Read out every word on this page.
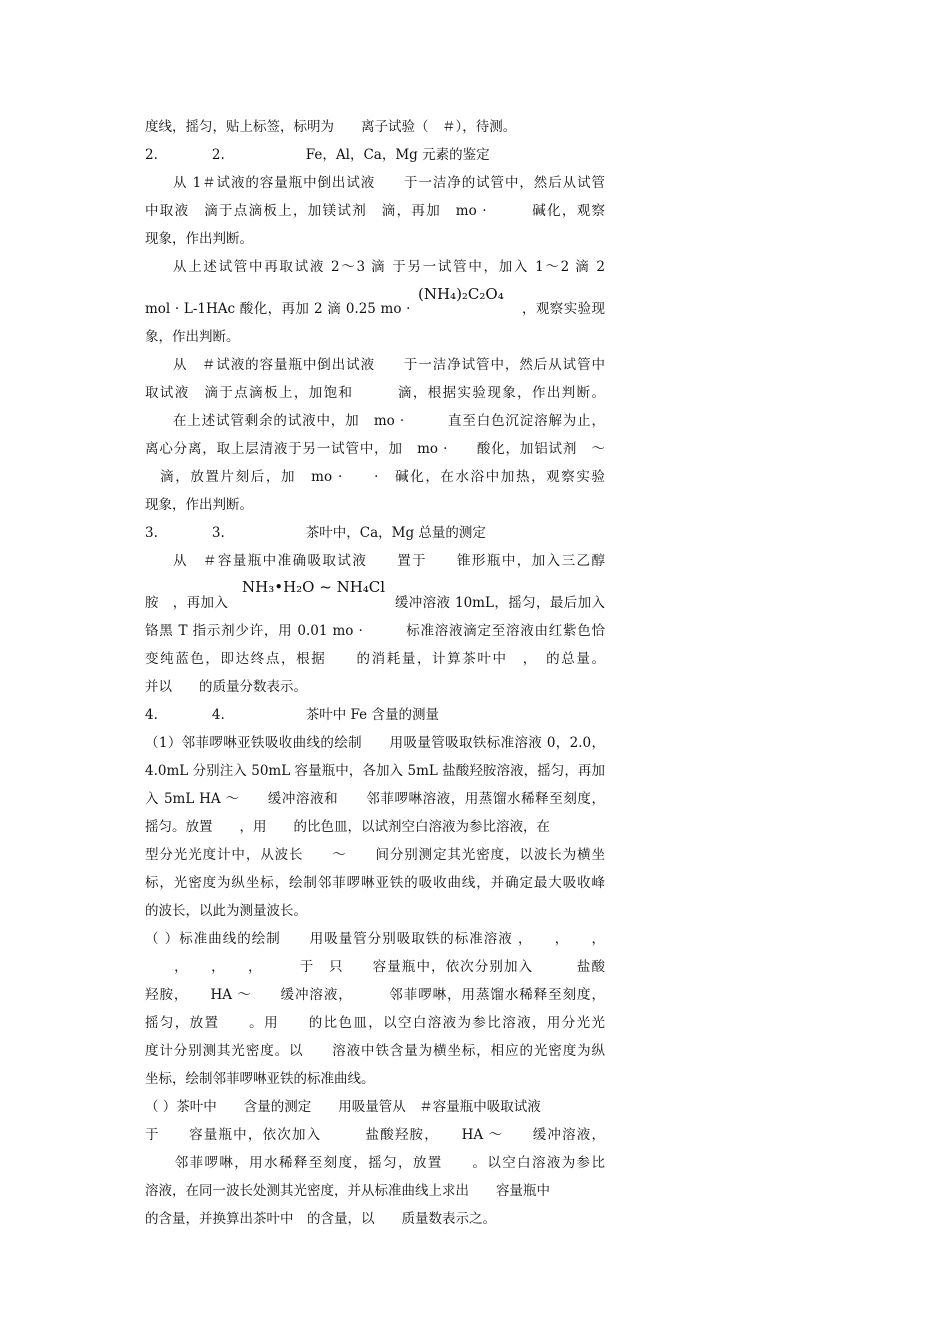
度线，摇匀，贴上标签，标明为　　离子试验（　＃），待测。
2.　　　　2.　　　　　　Fe，Al，Ca，Mg 元素的鉴定
从 1＃试液的容量瓶中倒出试液　　于一洁净的试管中，然后从试管
中取液　滴于点滴板上，加镁试剂　滴，再加　mo ·　　　碱化，观察
现象，作出判断。
从上述试管中再取试液 2～3 滴 于另一试管中，加入 1～2 滴 2
mol · L-1HAc 酸化，再加 2 滴 0.25 mo ·　　　　　　　　，观察实验现
象，作出判断。
从　＃试液的容量瓶中倒出试液　　于一洁净试管中，然后从试管中
取试液　滴于点滴板上，加饱和　　　滴，根据实验现象，作出判断。
在上述试管剩余的试液中，加　mo ·　　　直至白色沉淀溶解为止，
离心分离，取上层清液于另一试管中，加　mo ·　　酸化，加铝试剂　～
　滴，放置片刻后，加　mo ·　　·　碱化，在水浴中加热，观察实验
现象，作出判断。
3.　　　　3.　　　　　　茶叶中，Ca，Mg 总量的测定
从　＃容量瓶中准确吸取试液　　置于　　锥形瓶中，加入三乙醇
胺　，再加入　　　　　　　　　　　　缓冲溶液 10mL，摇匀，最后加入
铬黑 T 指示剂少许，用 0.01 mo ·　　　标准溶液滴定至溶液由红紫色恰
变纯蓝色，即达终点，根据　　的消耗量，计算茶叶中　，　的总量。
并以　　的质量分数表示。
4.　　　　4.　　　　　　茶叶中 Fe 含量的测量
（1）邻菲啰啉亚铁吸收曲线的绘制　　用吸量管吸取铁标准溶液 0，2.0，
4.0mL 分别注入 50mL 容量瓶中，各加入 5mL 盐酸羟胺溶液，摇匀，再加
入 5mL HA ～　　缓冲溶液和　　邻菲啰啉溶液，用蒸馏水稀释至刻度，
摇匀。放置　　，用　　的比色皿，以试剂空白溶液为参比溶液，在
型分光光度计中，从波长　　～　　间分别测定其光密度，以波长为横坐
标，光密度为纵坐标，绘制邻菲啰啉亚铁的吸收曲线，并确定最大吸收峰
的波长，以此为测量波长。
（ ）标准曲线的绘制　　用吸量管分别吸取铁的标准溶液 ，　　，　　，
　　，　　，　　，　　　于　只　　容量瓶中，依次分别加入　　　盐酸
羟胺，　　HA ～　　缓冲溶液，　　　邻菲啰啉，用蒸馏水稀释至刻度，
摇匀，放置　　。用　　的比色皿，以空白溶液为参比溶液，用分光光
度计分别测其光密度。以　　溶液中铁含量为横坐标，相应的光密度为纵
坐标，绘制邻菲啰啉亚铁的标准曲线。
（ ）茶叶中　　含量的测定　　用吸量管从　＃容量瓶中吸取试液
于　　容量瓶中，依次加入　　　盐酸羟胺，　　HA ～　　缓冲溶液，
　　邻菲啰啉，用水稀释至刻度，摇匀，放置　　。以空白溶液为参比
溶液，在同一波长处测其光密度，并从标准曲线上求出　　容量瓶中
的含量，并换算出茶叶中　的含量，以　　质量数表示之。
(NH₄)₂C₂O₄
NH₃•H₂O ~ NH₄Cl
